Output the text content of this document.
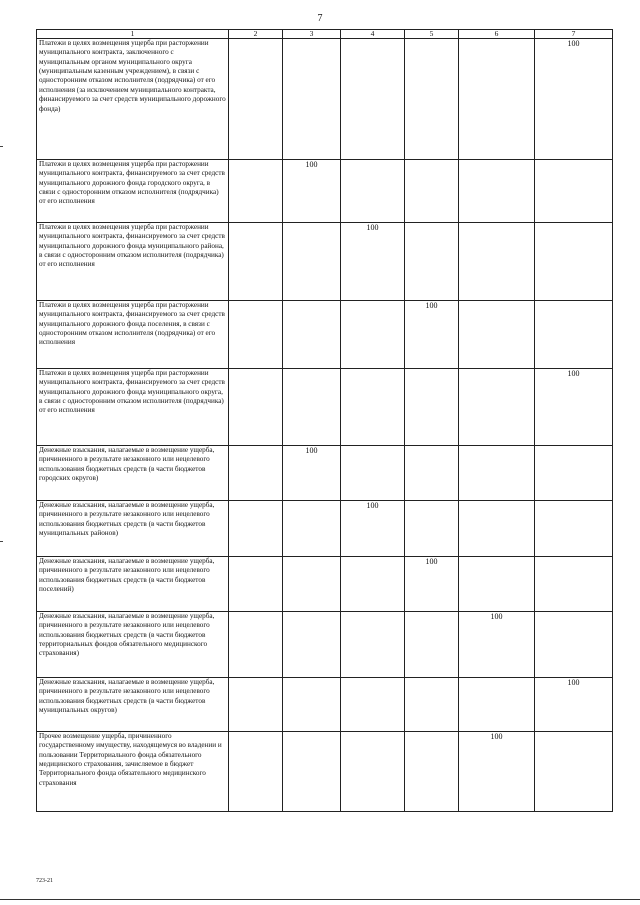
7
1	2	3	4	5	6	7
Платежи в целях возмещения ущерба при расторжении муниципального контракта, заключенного с муниципальным органом муниципального округа (муниципальным казенным учреждением), в связи с односторонним отказом исполнителя (подрядчика) от его исполнения (за исключением муниципального контракта, финансируемого за счет средств муниципального дорожного фонда)						100
Платежи в целях возмещения ущерба при расторжении муниципального контракта, финансируемого за счет средств муниципального дорожного фонда городского округа, в связи с односторонним отказом исполнителя (подрядчика) от его исполнения		100				
Платежи в целях возмещения ущерба при расторжении муниципального контракта, финансируемого за счет средств муниципального дорожного фонда муниципального района, в связи с односторонним отказом исполнителя (подрядчика) от его исполнения			100			
Платежи в целях возмещения ущерба при расторжении муниципального контракта, финансируемого за счет средств муниципального дорожного фонда поселения, в связи с односторонним отказом исполнителя (подрядчика) от его исполнения				100		
Платежи в целях возмещения ущерба при расторжении муниципального контракта, финансируемого за счет средств муниципального дорожного фонда муниципального округа, в связи с односторонним отказом исполнителя (подрядчика) от его исполнения						100
Денежные взыскания, налагаемые в возмещение ущерба, причиненного в результате незаконного или нецелевого использования бюджетных средств (в части бюджетов городских округов)		100				
Денежные взыскания, налагаемые в возмещение ущерба, причиненного в результате незаконного или нецелевого использования бюджетных средств (в части бюджетов муниципальных районов)			100			
Денежные взыскания, налагаемые в возмещение ущерба, причиненного в результате незаконного или нецелевого использования бюджетных средств (в части бюджетов поселений)				100		
Денежные взыскания, налагаемые в возмещение ущерба, причиненного в результате незаконного или нецелевого использования бюджетных средств (в части бюджетов территориальных фондов обязательного медицинского страхования)					100	
Денежные взыскания, налагаемые в возмещение ущерба, причиненного в результате незаконного или нецелевого использования бюджетных средств (в части бюджетов муниципальных округов)						100
Прочее возмещение ущерба, причиненного государственному имуществу, находящемуся во владении и пользовании Территориального фонда обязательного медицинского страхования, зачисляемое в бюджет Территориального фонда обязательного медицинского страхования					100	
723-21
